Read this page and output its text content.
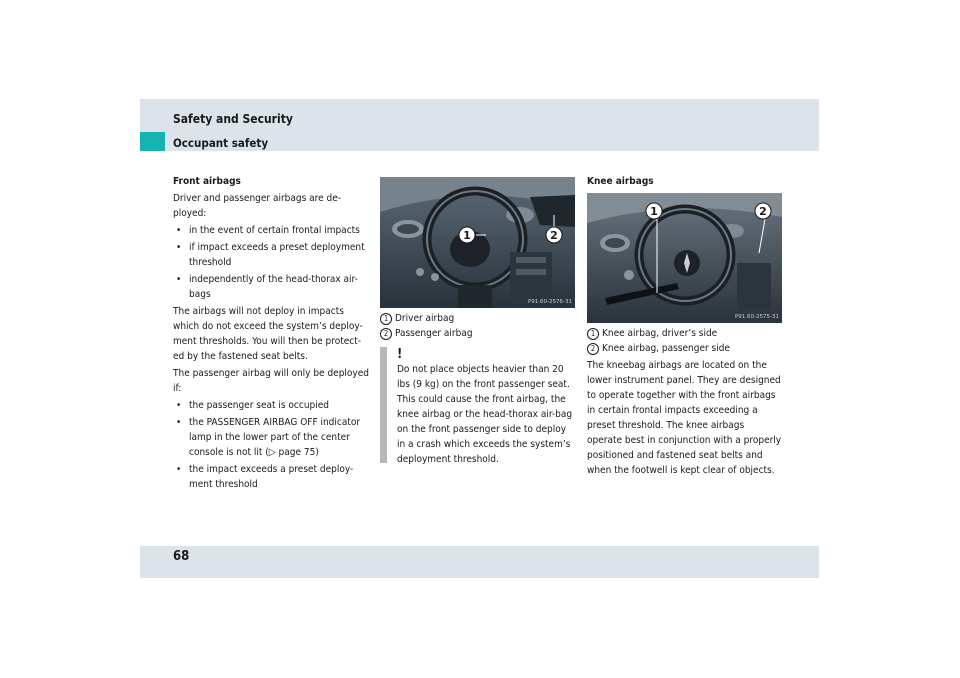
Safety and Security
Occupant safety

Front airbags

Driver and passenger airbags are de-ployed:

• in the event of certain frontal impacts
• if impact exceeds a preset deployment threshold
• independently of the head-thorax air-bags

The airbags will not deploy in impacts which do not exceed the system’s deploy-ment thresholds. You will then be protect-ed by the fastened seat belts.

The passenger airbag will only be deployed if:

• the passenger seat is occupied
• the PASSENGER AIRBAG OFF indicator lamp in the lower part of the center console is not lit (▷ page 75)
• the impact exceeds a preset deploy-ment threshold
1	2
P91.60-2576-31
1 Driver airbag
2 Passenger airbag
!
Do not place objects heavier than 20 lbs (9 kg) on the front passenger seat. This could cause the front airbag, the knee airbag or the head-thorax air-bag on the front passenger side to deploy in a crash which exceeds the system’s deployment threshold.

Knee airbags

1	2
P91.60-2575-31
1 Knee airbag, driver’s side
2 Knee airbag, passenger side

The kneebag airbags are located on the lower instrument panel. They are designed to operate together with the front airbags in certain frontal impacts exceeding a preset threshold. The knee airbags operate best in conjunction with a properly positioned and fastened seat belts and when the footwell is kept clear of objects.

68
